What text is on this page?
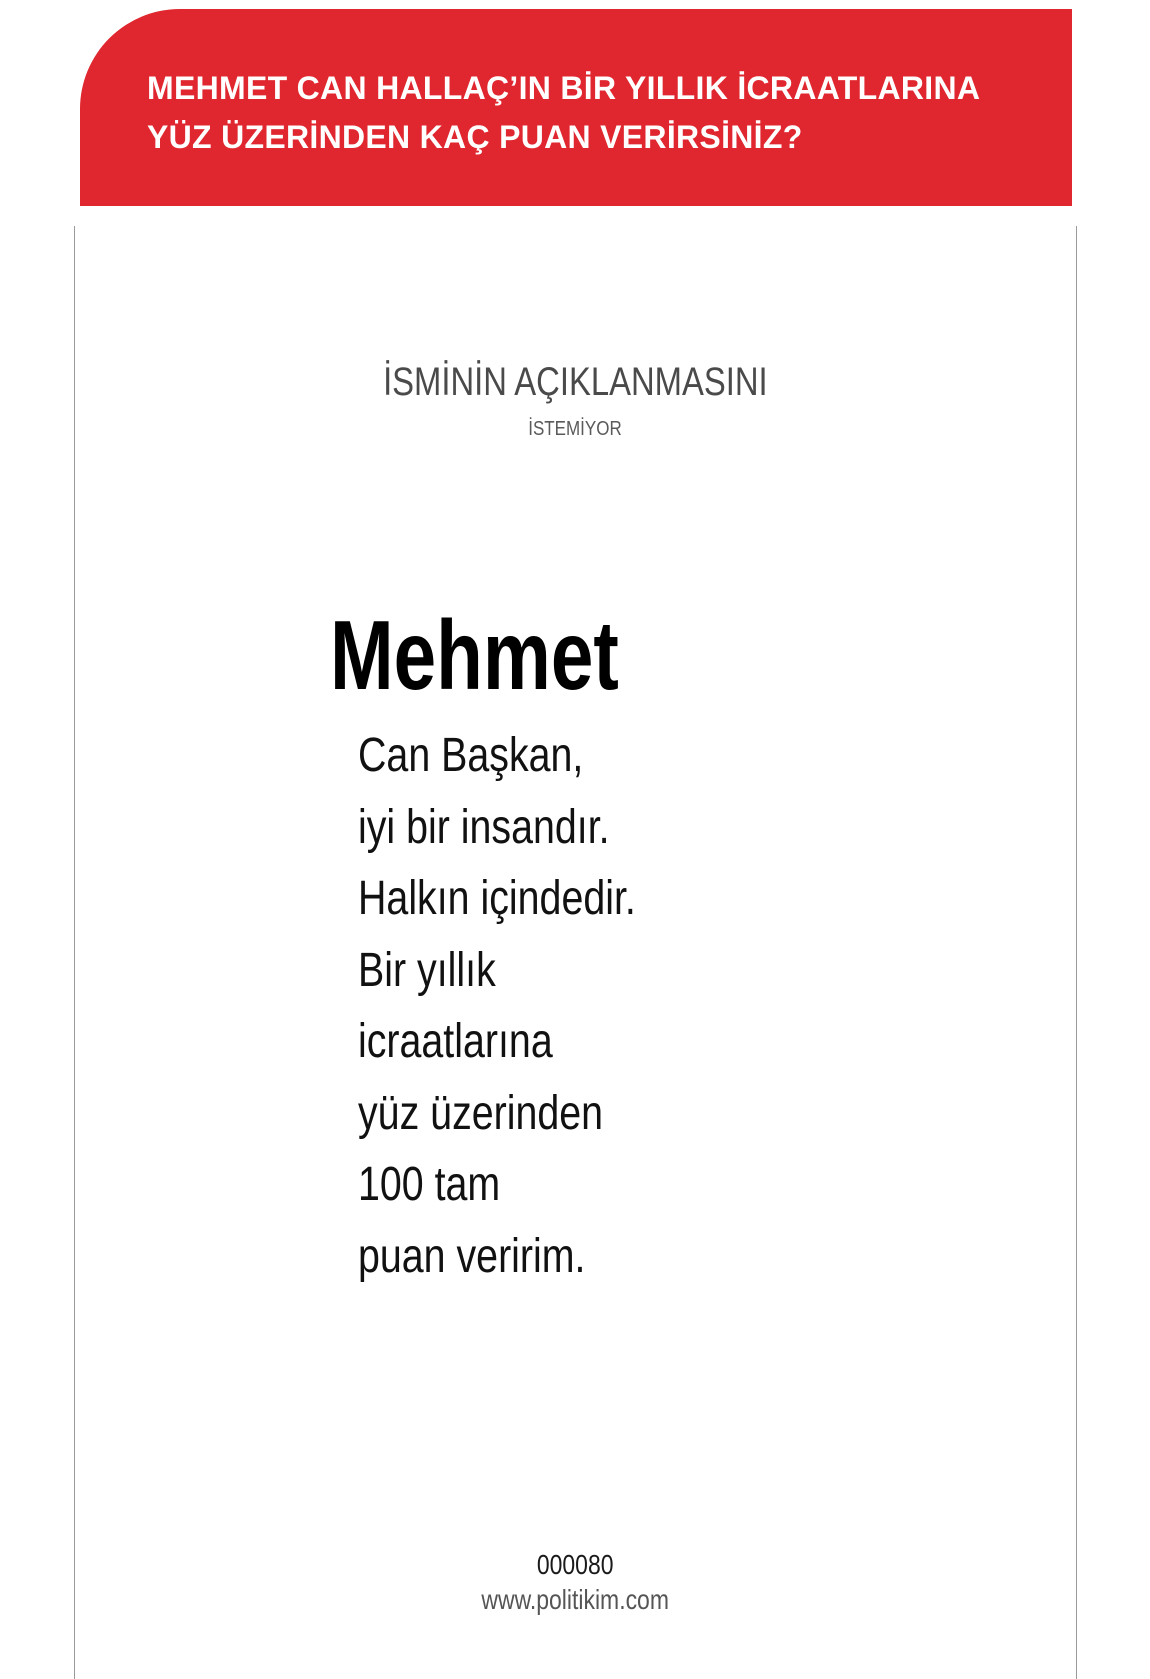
MEHMET CAN HALLAÇ’IN BİR YILLIK İCRAATLARINA
YÜZ ÜZERİNDEN KAÇ PUAN VERİRSİNİZ?
İSMİNİN AÇIKLANMASINI

İSTEMİYOR

Mehmet
Can Başkan,
iyi bir insandır.
Halkın içindedir.
Bir yıllık
icraatlarına
yüz üzerinden
100 tam
puan veririm.
000080
www.politikim.com
